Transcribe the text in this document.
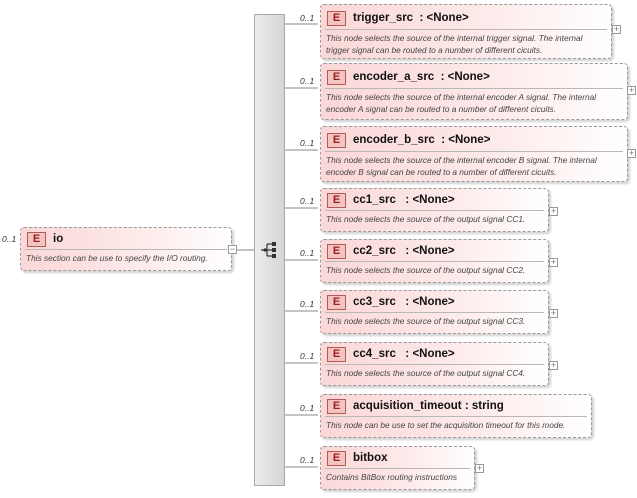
0..1	E	io
This section can be use to specify the I/O routing.
−
0..1	E	trigger_src  : <None>
This node selects the source of the internal trigger signal. The internal trigger signal can be routed to a number of different cicuits.
+
0..1	E	encoder_a_src  : <None>
This node selects the source of the internal encoder A signal. The internal encoder A signal can be routed to a number of different cicuits.
+
0..1	E	encoder_b_src  : <None>
This node selects the source of the internal encoder B signal. The internal encoder B signal can be routed to a number of different cicuits.
+
0..1	E	cc1_src   : <None>
This node selects the source of the output signal CC1.
+
0..1	E	cc2_src   : <None>
This node selects the source of the output signal CC2.
+
0..1	E	cc3_src   : <None>
This node selects the source of the output signal CC3.
+
0..1	E	cc4_src   : <None>
This node selects the source of the output signal CC4.
+
0..1	E	acquisition_timeout : string
This node can be use to set the acquisition timeout for this mode.
0..1	E	bitbox
Contains BitBox routing instructions
+
